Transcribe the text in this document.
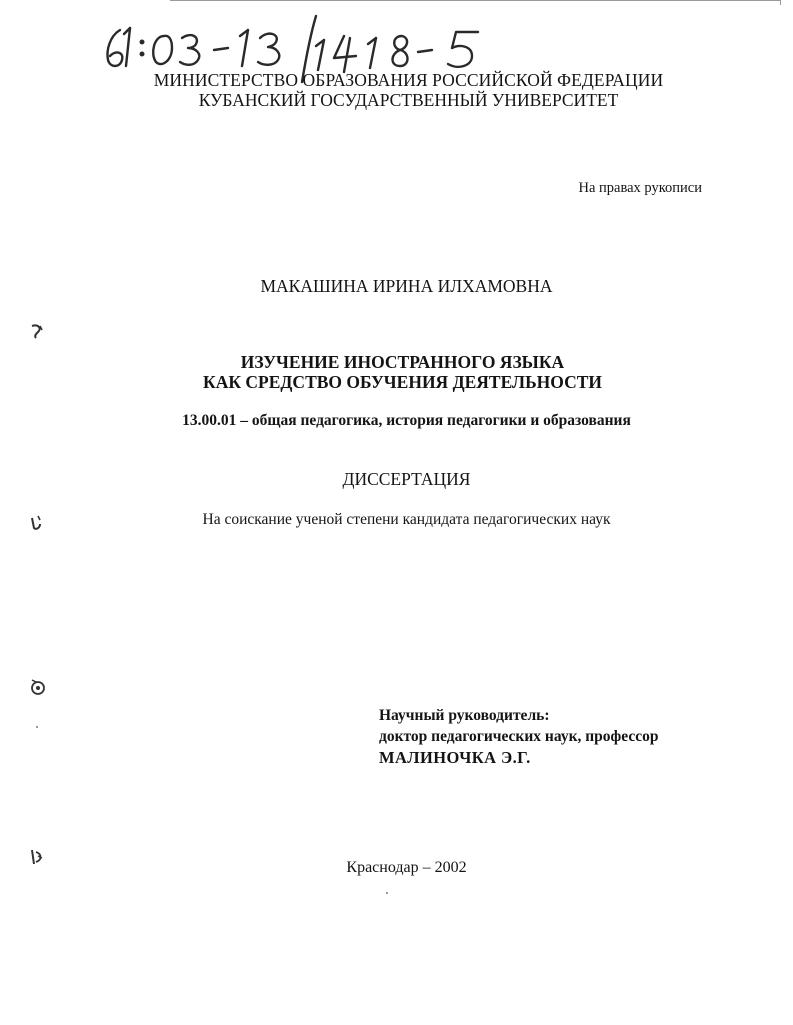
МИНИСТЕРСТВО ОБРАЗОВАНИЯ РОССИЙСКОЙ ФЕДЕРАЦИИ
КУБАНСКИЙ ГОСУДАРСТВЕННЫЙ УНИВЕРСИТЕТ
На правах рукописи
МАКАШИНА ИРИНА ИЛХАМОВНА
ИЗУЧЕНИЕ ИНОСТРАННОГО ЯЗЫКА
КАК СРЕДСТВО ОБУЧЕНИЯ ДЕЯТЕЛЬНОСТИ
13.00.01 – общая педагогика, история педагогики и образования
ДИССЕРТАЦИЯ
На соискание ученой степени кандидата педагогических наук
Научный руководитель:
доктор педагогических наук, профессор
МАЛИНОЧКА Э.Г.
Краснодар – 2002
